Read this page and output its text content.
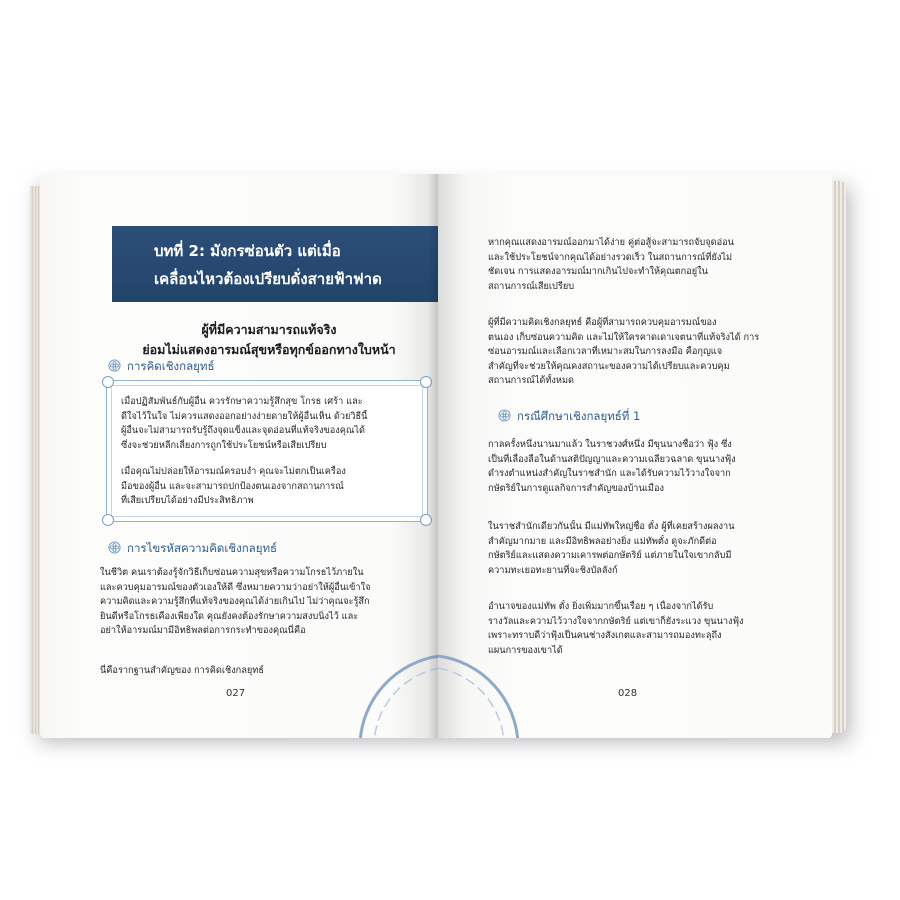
บทที่ 2: มังกรซ่อนตัว แต่เมื่อ
เคลื่อนไหวต้องเปรียบดั่งสายฟ้าฟาด
ผู้ที่มีความสามารถแท้จริง
ย่อมไม่แสดงอารมณ์สุขหรือทุกข์ออกทางใบหน้า
การคิดเชิงกลยุทธ์
เมื่อปฏิสัมพันธ์กับผู้อื่น ควรรักษาความรู้สึกสุข โกรธ เศร้า และ
ดีใจไว้ในใจ ไม่ควรแสดงออกอย่างง่ายดายให้ผู้อื่นเห็น ด้วยวิธีนี้
ผู้อื่นจะไม่สามารถรับรู้ถึงจุดแข็งและจุดอ่อนที่แท้จริงของคุณได้
ซึ่งจะช่วยหลีกเลี่ยงการถูกใช้ประโยชน์หรือเสียเปรียบ
เมื่อคุณไม่ปล่อยให้อารมณ์ครอบงำ คุณจะไม่ตกเป็นเครื่อง
มือของผู้อื่น และจะสามารถปกป้องตนเองจากสถานการณ์
ที่เสียเปรียบได้อย่างมีประสิทธิภาพ
การไขรหัสความคิดเชิงกลยุทธ์
ในชีวิต คนเราต้องรู้จักวิธีเก็บซ่อนความสุขหรือความโกรธไว้ภายใน
และควบคุมอารมณ์ของตัวเองให้ดี ซึ่งหมายความว่าอย่าให้ผู้อื่นเข้าใจ
ความคิดและความรู้สึกที่แท้จริงของคุณได้ง่ายเกินไป ไม่ว่าคุณจะรู้สึก
ยินดีหรือโกรธเคืองเพียงใด คุณยังคงต้องรักษาความสงบนิ่งไว้ และ
อย่าให้อารมณ์มามีอิทธิพลต่อการกระทำของคุณนี่คือ
นี่คือรากฐานสำคัญของ การคิดเชิงกลยุทธ์
027
หากคุณแสดงอารมณ์ออกมาได้ง่าย คู่ต่อสู้จะสามารถจับจุดอ่อน
และใช้ประโยชน์จากคุณได้อย่างรวดเร็ว ในสถานการณ์ที่ยังไม่
ชัดเจน การแสดงอารมณ์มากเกินไปจะทำให้คุณตกอยู่ใน
สถานการณ์เสียเปรียบ
ผู้ที่มีความคิดเชิงกลยุทธ์ คือผู้ที่สามารถควบคุมอารมณ์ของ
ตนเอง เก็บซ่อนความคิด และไม่ให้ใครคาดเดาเจตนาที่แท้จริงได้ การ
ซ่อนอารมณ์และเลือกเวลาที่เหมาะสมในการลงมือ คือกุญแจ
สำคัญที่จะช่วยให้คุณคงสถานะของความได้เปรียบและควบคุม
สถานการณ์ได้ทั้งหมด
กรณีศึกษาเชิงกลยุทธ์ที่ 1
กาลครั้งหนึ่งนานมาแล้ว ในราชวงศ์หนึ่ง มีขุนนางชื่อว่า ฟุ้ง ซึ่ง
เป็นที่เลื่องลือในด้านสติปัญญาและความเฉลียวฉลาด ขุนนางฟุ้ง
ดำรงตำแหน่งสำคัญในราชสำนัก และได้รับความไว้วางใจจาก
กษัตริย์ในการดูแลกิจการสำคัญของบ้านเมือง
ในราชสำนักเดียวกันนั้น มีแม่ทัพใหญ่ชื่อ ตั๋ง ผู้ที่เคยสร้างผลงาน
สำคัญมากมาย และมีอิทธิพลอย่างยิ่ง แม่ทัพตั๋ง ดูจะภักดีต่อ
กษัตริย์และแสดงความเคารพต่อกษัตริย์ แต่ภายในใจเขากลับมี
ความทะเยอทะยานที่จะชิงบัลลังก์
อำนาจของแม่ทัพ ตั๋ง ยิ่งเพิ่มมากขึ้นเรื่อย ๆ เนื่องจากได้รับ
รางวัลและความไว้วางใจจากกษัตริย์ แต่เขาก็ยังระแวง ขุนนางฟุ้ง
เพราะทราบดีว่าฟุ้งเป็นคนช่างสังเกตและสามารถมองทะลุถึง
แผนการของเขาได้
028
